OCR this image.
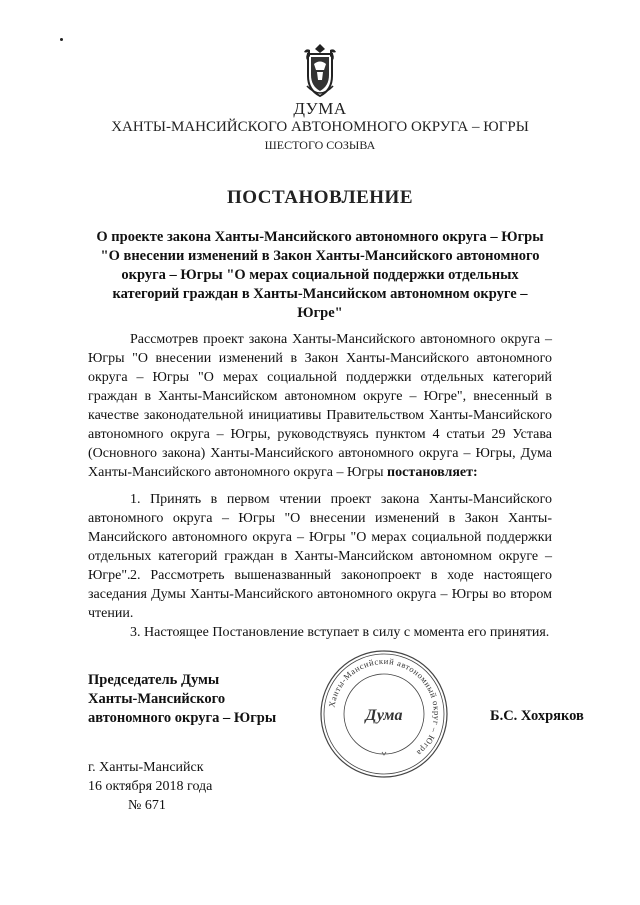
ДУМА
ХАНТЫ-МАНСИЙСКОГО АВТОНОМНОГО ОКРУГА – ЮГРЫ
ШЕСТОГО СОЗЫВА
ПОСТАНОВЛЕНИЕ
О проекте закона Ханты-Мансийского автономного округа – Югры "О внесении изменений в Закон Ханты-Мансийского автономного округа – Югры "О мерах социальной поддержки отдельных категорий граждан в Ханты-Мансийском автономном округе – Югре"
Рассмотрев проект закона Ханты-Мансийского автономного округа – Югры "О внесении изменений в Закон Ханты-Мансийского автономного округа – Югры "О мерах социальной поддержки отдельных категорий граждан в Ханты-Мансийском автономном округе – Югре", внесенный в качестве законодательной инициативы Правительством Ханты-Мансийского автономного округа – Югры, руководствуясь пунктом 4 статьи 29 Устава (Основного закона) Ханты-Мансийского автономного округа – Югры, Дума Ханты-Мансийского автономного округа – Югры постановляет:
1. Принять в первом чтении проект закона Ханты-Мансийского автономного округа – Югры "О внесении изменений в Закон Ханты-Мансийского автономного округа – Югры "О мерах социальной поддержки отдельных категорий граждан в Ханты-Мансийском автономном округе – Югре". 2. Рассмотреть вышеназванный законопроект в ходе настоящего заседания Думы Ханты-Мансийского автономного округа – Югры во втором чтении.
3. Настоящее Постановление вступает в силу с момента его принятия.
Председатель Думы
Ханты-Мансийского
автономного округа – Югры
Ханты-Мансийский автономный округ – Югра
Дума	Б.С. Хохряков
г. Ханты-Мансийск
16 октября 2018 года
№ 671
